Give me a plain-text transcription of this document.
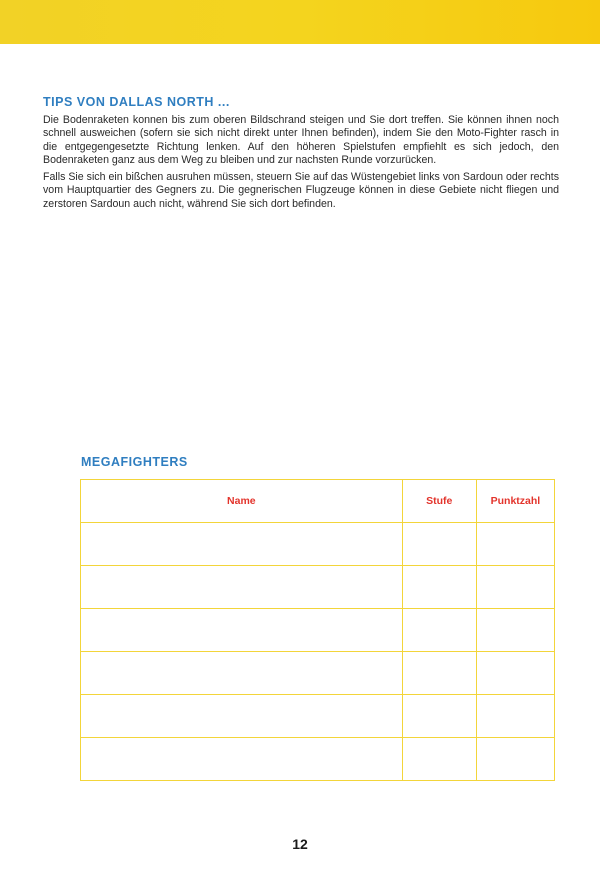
TIPS VON DALLAS NORTH ...

Die Bodenraketen konnen bis zum oberen Bildschrand steigen und Sie dort treffen. Sie können ihnen noch schnell ausweichen (sofern sie sich nicht direkt unter Ihnen befinden), indem Sie den Moto-Fighter rasch in die entgegengesetzte Richtung lenken. Auf den höheren Spielstufen empfiehlt es sich jedoch, den Bodenraketen ganz aus dem Weg zu bleiben und zur nachsten Runde vorzurücken.

Falls Sie sich ein bißchen ausruhen müssen, steuern Sie auf das Wüstengebiet links von Sardoun oder rechts vom Hauptquartier des Gegners zu. Die gegnerischen Flugzeuge können in diese Gebiete nicht fliegen und zerstoren Sardoun auch nicht, während Sie sich dort befinden.

MEGAFIGHTERS
Name	Stufe	Punktzahl

12
